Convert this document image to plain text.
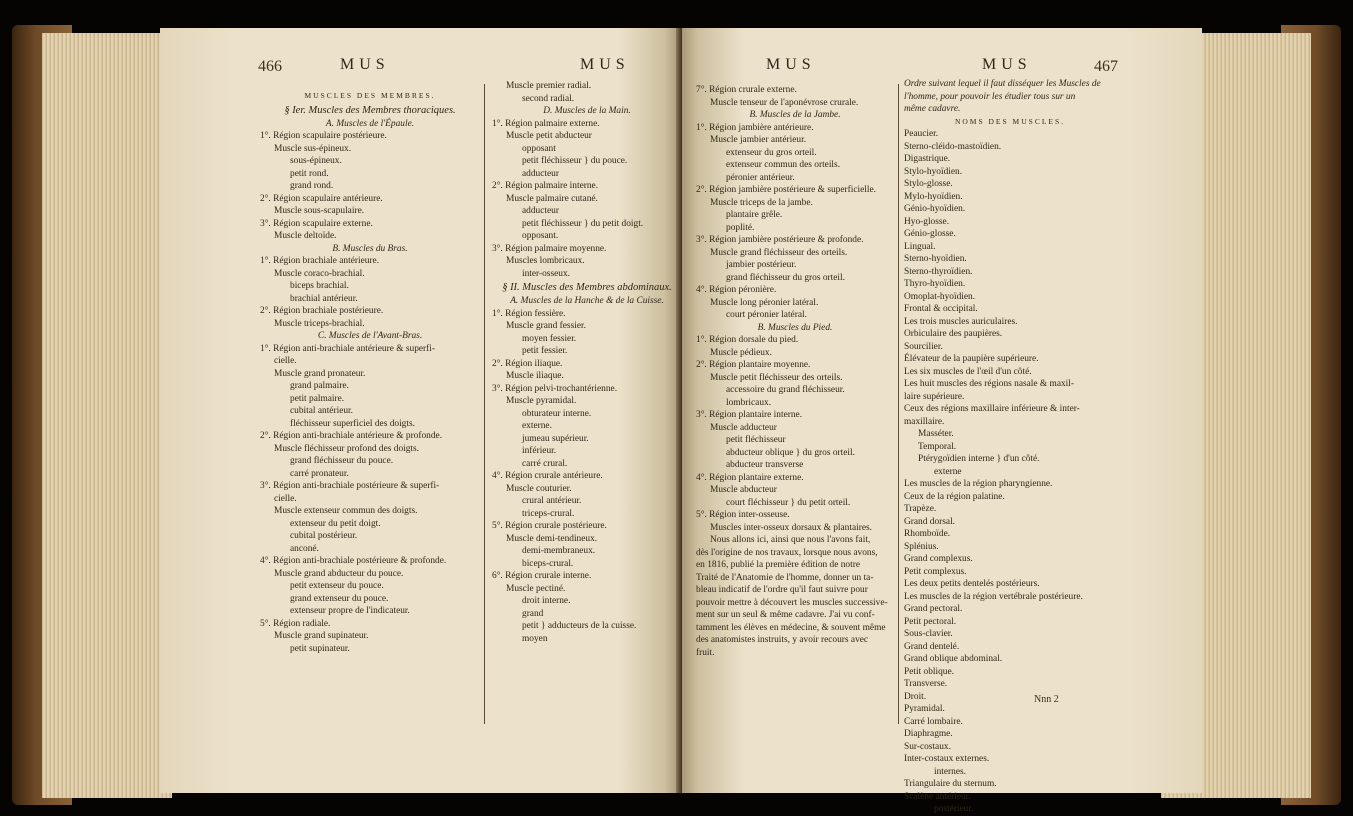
466	MUS	MUS
MUSCLES DES MEMBRES.
§ Ier. Muscles des Membres thoraciques.
A. Muscles de l'Épaule.
1°. Région scapulaire postérieure.
Muscle sus-épineux.
sous-épineux.
petit rond.
grand rond.
2°. Région scapulaire antérieure.
Muscle sous-scapulaire.
3°. Région scapulaire externe.
Muscle deltoïde.
B. Muscles du Bras.
1°. Région brachiale antérieure.
Muscle coraco-brachial.
biceps brachial.
brachial antérieur.
2°. Région brachiale postérieure.
Muscle triceps-brachial.
C. Muscles de l'Avant-Bras.
1°. Région anti-brachiale antérieure & superfi-
cielle.
Muscle grand pronateur.
grand palmaire.
petit palmaire.
cubital antérieur.
fléchisseur superficiel des doigts.
2°. Région anti-brachiale antérieure & profonde.
Muscle fléchisseur profond des doigts.
grand fléchisseur du pouce.
carré pronateur.
3°. Région anti-brachiale postérieure & superfi-
cielle.
Muscle extenseur commun des doigts.
extenseur du petit doigt.
cubital postérieur.
anconé.
4°. Région anti-brachiale postérieure & profonde.
Muscle grand abducteur du pouce.
petit extenseur du pouce.
grand extenseur du pouce.
extenseur propre de l'indicateur.
5°. Région radiale.
Muscle grand supinateur.
petit supinateur.
Muscle premier radial.
second radial.
D. Muscles de la Main.
1°. Région palmaire externe.
Muscle petit abducteur
opposant
petit fléchisseur } du pouce.
adducteur
2°. Région palmaire interne.
Muscle palmaire cutané.
adducteur
petit fléchisseur } du petit doigt.
opposant.
3°. Région palmaire moyenne.
Muscles lombricaux.
inter-osseux.
§ II. Muscles des Membres abdominaux.
A. Muscles de la Hanche & de la Cuisse.
1°. Région fessière.
Muscle grand fessier.
moyen fessier.
petit fessier.
2°. Région iliaque.
Muscle iliaque.
3°. Région pelvi-trochantérienne.
Muscle pyramidal.
obturateur interne.
externe.
jumeau supérieur.
inférieur.
carré crural.
4°. Région crurale antérieure.
Muscle couturier.
crural antérieur.
triceps-crural.
5°. Région crurale postérieure.
Muscle demi-tendineux.
demi-membraneux.
biceps-crural.
6°. Région crurale interne.
Muscle pectiné.
droit interne.
grand
petit } adducteurs de la cuisse.
moyen
MUS	MUS	467
7°. Région crurale externe.
Muscle tenseur de l'aponévrose crurale.
B. Muscles de la Jambe.
1°. Région jambière antérieure.
Muscle jambier antérieur.
extenseur du gros orteil.
extenseur commun des orteils.
péronier antérieur.
2°. Région jambière postérieure & superficielle.
Muscle triceps de la jambe.
plantaire grêle.
poplité.
3°. Région jambière postérieure & profonde.
Muscle grand fléchisseur des orteils.
jambier postérieur.
grand fléchisseur du gros orteil.
4°. Région péronière.
Muscle long péronier latéral.
court péronier latéral.
B. Muscles du Pied.
1°. Région dorsale du pied.
Muscle pédieux.
2°. Région plantaire moyenne.
Muscle petit fléchisseur des orteils.
accessoire du grand fléchisseur.
lombricaux.
3°. Région plantaire interne.
Muscle adducteur
petit fléchisseur
abducteur oblique } du gros orteil.
abducteur transverse
4°. Région plantaire externe.
Muscle abducteur
court fléchisseur } du petit orteil.
5°. Région inter-osseuse.
Muscles inter-osseux dorsaux & plantaires.
Nous allons ici, ainsi que nous l'avons fait,
dès l'origine de nos travaux, lorsque nous avons,
en 1816, publié la première édition de notre
Traité de l'Anatomie de l'homme, donner un ta-
bleau indicatif de l'ordre qu'il faut suivre pour
pouvoir mettre à découvert les muscles successive-
ment sur un seul & même cadavre. J'ai vu conf-
tamment les élèves en médecine, & souvent même
des anatomistes instruits, y avoir recours avec
fruit.
Ordre suivant lequel il faut disséquer les Muscles de
l'homme, pour pouvoir les étudier tous sur un
même cadavre.
NOMS DES MUSCLES.
Peaucier.
Sterno-cléido-mastoïdien.
Digastrique.
Stylo-hyoïdien.
Stylo-glosse.
Mylo-hyoïdien.
Génio-hyoïdien.
Hyo-glosse.
Génio-glosse.
Lingual.
Sterno-hyoïdien.
Sterno-thyroïdien.
Thyro-hyoïdien.
Omoplat-hyoïdien.
Frontal & occipital.
Les trois muscles auriculaires.
Orbiculaire des paupières.
Sourcilier.
Élévateur de la paupière supérieure.
Les six muscles de l'œil d'un côté.
Les huit muscles des régions nasale & maxil-
laire supérieure.
Ceux des régions maxillaire inférieure & inter-
maxillaire.
Masséter.
Temporal.
Ptérygoïdien interne } d'un côté.
externe
Les muscles de la région pharyngienne.
Ceux de la région palatine.
Trapèze.
Grand dorsal.
Rhomboïde.
Splénius.
Grand complexus.
Petit complexus.
Les deux petits dentelés postérieurs.
Les muscles de la région vertébrale postérieure.
Grand pectoral.
Petit pectoral.
Sous-clavier.
Grand dentelé.
Grand oblique abdominal.
Petit oblique.
Transverse.
Droit.
Pyramidal.
Carré lombaire.
Diaphragme.
Sur-costaux.
Inter-costaux externes.
internes.
Triangulaire du sternum.
Scalène antérieur.
postérieur.
Nnn 2
